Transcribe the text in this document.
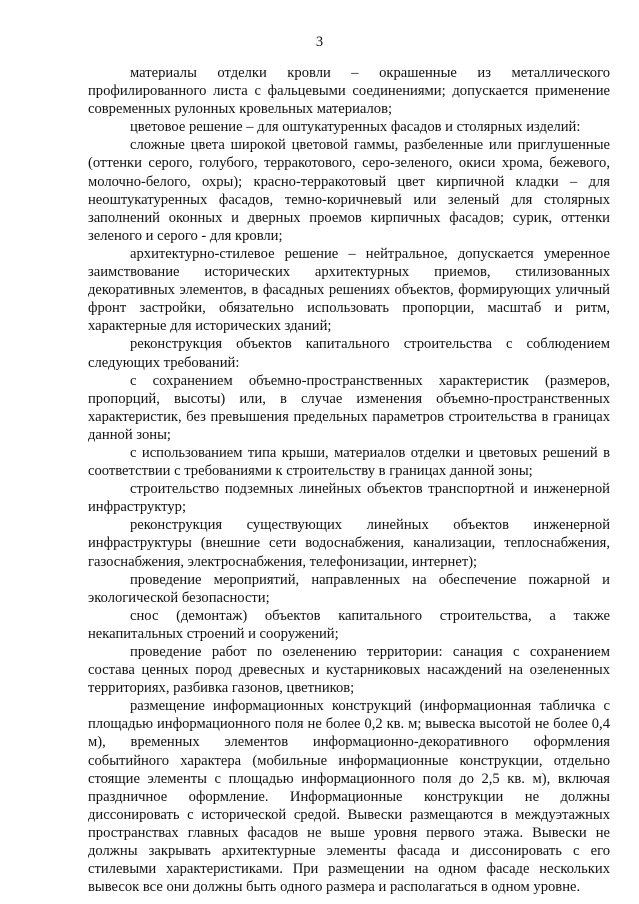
3

материалы отделки кровли – окрашенные из металлического профилированного листа с фальцевыми соединениями; допускается применение современных рулонных кровельных материалов;

цветовое решение – для оштукатуренных фасадов и столярных изделий:

сложные цвета широкой цветовой гаммы, разбеленные или приглушенные (оттенки серого, голубого, терракотового, серо-зеленого, окиси хрома, бежевого, молочно-белого, охры); красно-терракотовый цвет кирпичной кладки – для неоштукатуренных фасадов, темно-коричневый или зеленый для столярных заполнений оконных и дверных проемов кирпичных фасадов; сурик, оттенки зеленого и серого - для кровли;

архитектурно-стилевое решение – нейтральное, допускается умеренное заимствование исторических архитектурных приемов, стилизованных декоративных элементов, в фасадных решениях объектов, формирующих уличный фронт застройки, обязательно использовать пропорции, масштаб и ритм, характерные для исторических зданий;

реконструкция объектов капитального строительства с соблюдением следующих требований:

с сохранением объемно-пространственных характеристик (размеров, пропорций, высоты) или, в случае изменения объемно-пространственных характеристик, без превышения предельных параметров строительства в границах данной зоны;

с использованием типа крыши, материалов отделки и цветовых решений в соответствии с требованиями к строительству в границах данной зоны;

строительство подземных линейных объектов транспортной и инженерной инфраструктур;

реконструкция существующих линейных объектов инженерной инфраструктуры (внешние сети водоснабжения, канализации, теплоснабжения, газоснабжения, электроснабжения, телефонизации, интернет);

проведение мероприятий, направленных на обеспечение пожарной и экологической безопасности;

снос (демонтаж) объектов капитального строительства, а также некапитальных строений и сооружений;

проведение работ по озеленению территории: санация с сохранением состава ценных пород древесных и кустарниковых насаждений на озелененных территориях, разбивка газонов, цветников;

размещение информационных конструкций (информационная табличка с площадью информационного поля не более 0,2 кв. м; вывеска высотой не более 0,4 м), временных элементов информационно-декоративного оформления событийного характера (мобильные информационные конструкции, отдельно стоящие элементы с площадью информационного поля до 2,5 кв. м), включая праздничное оформление. Информационные конструкции не должны диссонировать с исторической средой. Вывески размещаются в междуэтажных пространствах главных фасадов не выше уровня первого этажа. Вывески не должны закрывать архитектурные элементы фасада и диссонировать с его стилевыми характеристиками. При размещении на одном фасаде нескольких вывесок все они должны быть одного размера и располагаться в одном уровне.
